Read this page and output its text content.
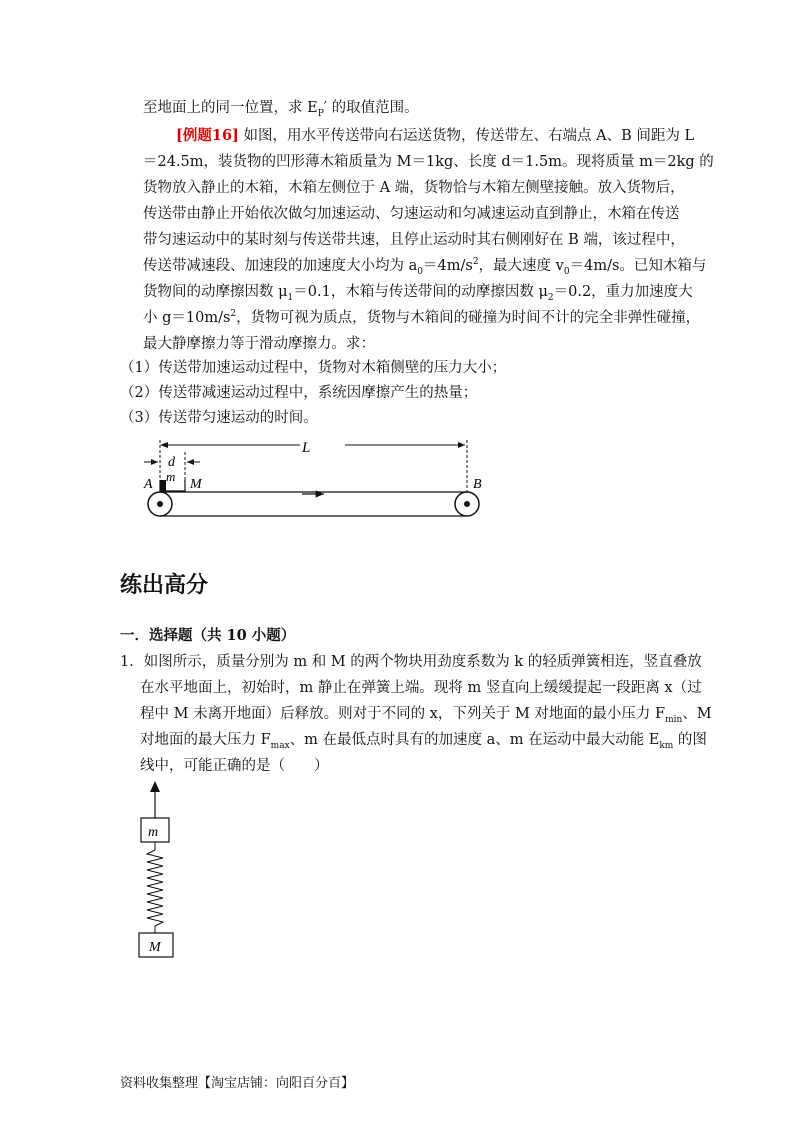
至地面上的同一位置，求 $E_P'$ 的取值范围。
[例题16] 如图，用水平传送带向右运送货物，传送带左、右端点 A、B 间距为 L
＝24.5m，装货物的凹形薄木箱质量为 M＝1kg、长度 d＝1.5m。现将质量 m＝2kg 的
货物放入静止的木箱，木箱左侧位于 A 端，货物恰与木箱左侧壁接触。放入货物后，
传送带由静止开始依次做匀加速运动、匀速运动和匀减速运动直到静止，木箱在传送
带匀速运动中的某时刻与传送带共速，且停止运动时其右侧刚好在 B 端，该过程中，
传送带减速段、加速段的加速度大小均为 $a_0=4m/s^2$，最大速度 $v_0=4m/s$。已知木箱与
货物间的动摩擦因数 $\mu_1=0.1$，木箱与传送带间的动摩擦因数 $\mu_2=0.2$，重力加速度大
小 $g=10m/s^2$，货物可视为质点，货物与木箱间的碰撞为时间不计的完全非弹性碰撞，
最大静摩擦力等于滑动摩擦力。求：
（1）传送带加速运动过程中，货物对木箱侧壁的压力大小；
（2）传送带减速运动过程中，系统因摩擦产生的热量；
（3）传送带匀速运动的时间。
L
d
m
M
A	B
练出高分
一．选择题（共 10 小题）
1．如图所示，质量分别为 m 和 M 的两个物块用劲度系数为 k 的轻质弹簧相连，竖直叠放
在水平地面上，初始时，m 静止在弹簧上端。现将 m 竖直向上缓缓提起一段距离 x（过
程中 M 未离开地面）后释放。则对于不同的 x，下列关于 M 对地面的最小压力 $F_{min}$、M
对地面的最大压力 $F_{max}$、m 在最低点时具有的加速度 a、m 在运动中最大动能 $E_{km}$ 的图
线中，可能正确的是（　　）
m
M
资料收集整理【淘宝店铺：向阳百分百】
